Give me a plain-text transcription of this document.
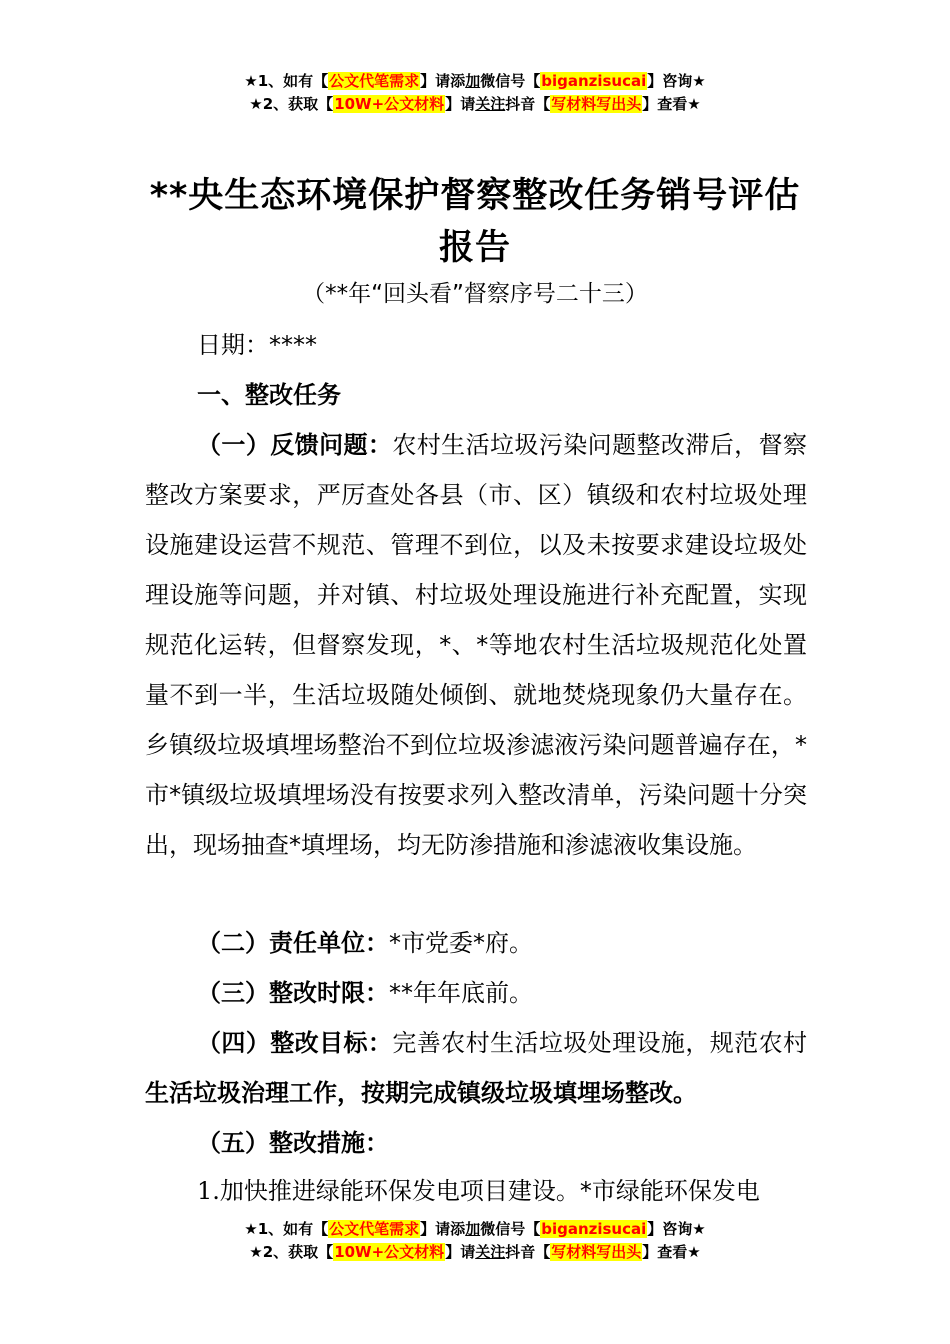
★1、如有【公文代笔需求】请添加微信号【biganzisucai】咨询★
★2、获取【10W+公文材料】请关注抖音【写材料写出头】查看★
**央生态环境保护督察整改任务销号评估报告
（**年“回头看”督察序号二十三）
日期：****
一、整改任务
（一）反馈问题：农村生活垃圾污染问题整改滞后，督察整改方案要求，严厉查处各县（市、区）镇级和农村垃圾处理设施建设运营不规范、管理不到位，以及未按要求建设垃圾处理设施等问题，并对镇、村垃圾处理设施进行补充配置，实现规范化运转，但督察发现，*、*等地农村生活垃圾规范化处置量不到一半，生活垃圾随处倾倒、就地焚烧现象仍大量存在。乡镇级垃圾填埋场整治不到位垃圾渗滤液污染问题普遍存在，*市*镇级垃圾填埋场没有按要求列入整改清单，污染问题十分突出，现场抽查*填埋场，均无防渗措施和渗滤液收集设施。
（二）责任单位：*市党委*府。
（三）整改时限：**年年底前。
（四）整改目标：完善农村生活垃圾处理设施，规范农村生活垃圾治理工作，按期完成镇级垃圾填埋场整改。
（五）整改措施：
1.加快推进绿能环保发电项目建设。*市绿能环保发电
★1、如有【公文代笔需求】请添加微信号【biganzisucai】咨询★
★2、获取【10W+公文材料】请关注抖音【写材料写出头】查看★
